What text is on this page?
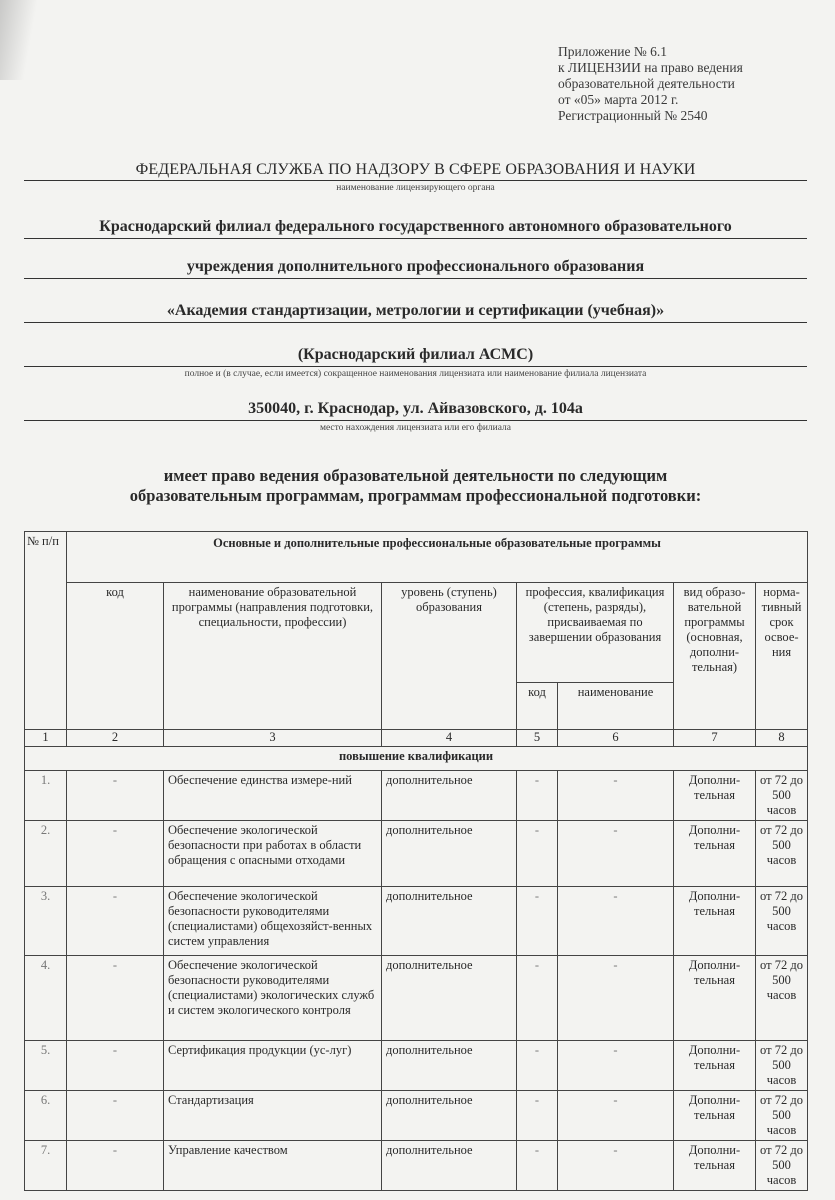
Приложение № 6.1
к ЛИЦЕНЗИИ на право ведения
образовательной деятельности
от «05» марта 2012 г.
Регистрационный № 2540
ФЕДЕРАЛЬНАЯ СЛУЖБА ПО НАДЗОРУ В СФЕРЕ ОБРАЗОВАНИЯ И НАУКИ
наименование лицензирующего органа
Краснодарский филиал федерального государственного автономного образовательного
учреждения дополнительного профессионального образования
«Академия стандартизации, метрологии и сертификации (учебная)»
(Краснодарский филиал АСМС)
полное и (в случае, если имеется) сокращенное наименования лицензиата или наименование филиала лицензиата
350040, г. Краснодар, ул. Айвазовского, д. 104а
место нахождения лицензиата или его филиала
имеет право ведения образовательной деятельности по следующим
образовательным программам, программам профессиональной подготовки:
№ п/п	Основные и дополнительные профессиональные образовательные программы						
	код	наименование образовательной программы (направления подготовки, специальности, профессии)	уровень (ступень) образования	профессия, квалификация (степень, разряды), присваиваемая по завершении образования		вид образо-вательной программы (основная, дополни-тельная)	норма-тивный срок освое-ния
				код	наименование		
1	2	3	4	5	6	7	8
повышение квалификации							
1.	-	Обеспечение единства измере-ний	дополнительное	-	-	Дополни-тельная	от 72 до 500 часов
2.	-	Обеспечение экологической безопасности при работах в области обращения с опасными отходами	дополнительное	-	-	Дополни-тельная	от 72 до 500 часов
3.	-	Обеспечение экологической безопасности руководителями (специалистами) общехозяйст-венных систем управления	дополнительное	-	-	Дополни-тельная	от 72 до 500 часов
4.	-	Обеспечение экологической безопасности руководителями (специалистами) экологических служб и систем экологического контроля	дополнительное	-	-	Дополни-тельная	от 72 до 500 часов
5.	-	Сертификация продукции (ус-луг)	дополнительное	-	-	Дополни-тельная	от 72 до 500 часов
6.	-	Стандартизация	дополнительное	-	-	Дополни-тельная	от 72 до 500 часов
7.	-	Управление качеством	дополнительное	-	-	Дополни-тельная	от 72 до 500 часов
